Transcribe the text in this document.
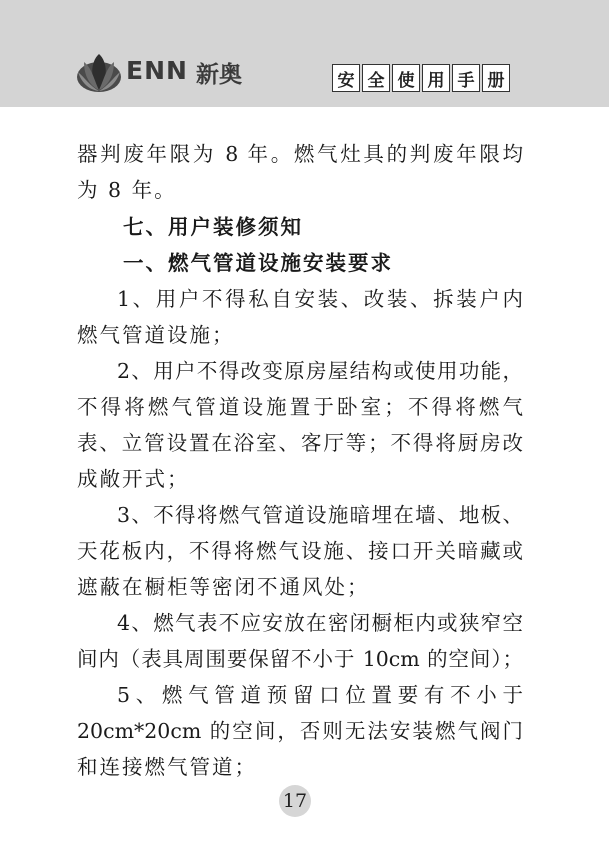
ENN 新奥	安 全 使 用 手 册
器判废年限为 8 年。燃气灶具的判废年限均
为 8 年。
七、用户装修须知
一、燃气管道设施安装要求
1、用户不得私自安装、改装、拆装户内
燃气管道设施；
2、用户不得改变原房屋结构或使用功能，
不得将燃气管道设施置于卧室；不得将燃气
表、立管设置在浴室、客厅等；不得将厨房改
成敞开式；
3、不得将燃气管道设施暗埋在墙、地板、
天花板内，不得将燃气设施、接口开关暗藏或
遮蔽在橱柜等密闭不通风处；
4、燃气表不应安放在密闭橱柜内或狭窄空
间内（表具周围要保留不小于 10cm 的空间）；
5、燃气管道预留口位置要有不小于
20cm*20cm 的空间，否则无法安装燃气阀门
和连接燃气管道；
17
